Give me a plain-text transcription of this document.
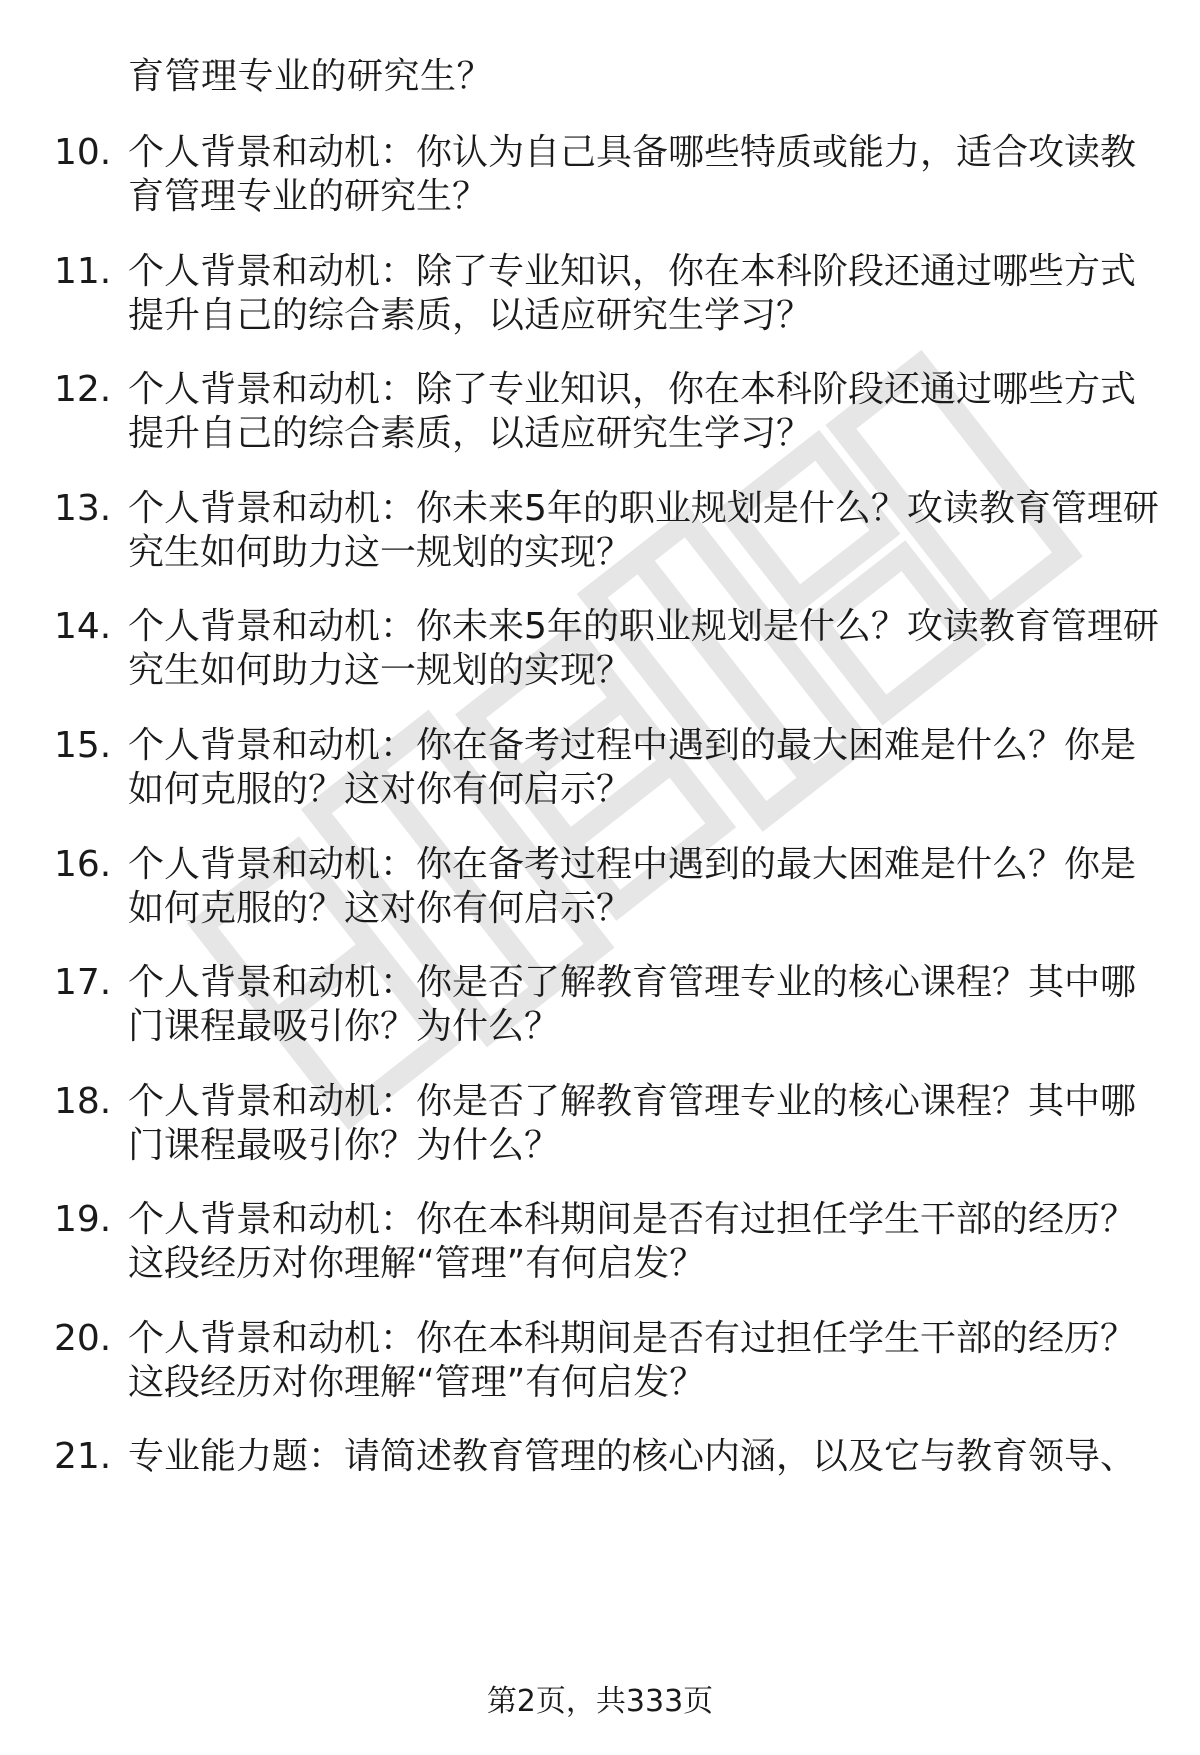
育管理专业的研究生？
10. 个人背景和动机：你认为自己具备哪些特质或能力，适合攻读教
育管理专业的研究生？
11. 个人背景和动机：除了专业知识，你在本科阶段还通过哪些方式
提升自己的综合素质，以适应研究生学习？
12. 个人背景和动机：除了专业知识，你在本科阶段还通过哪些方式
提升自己的综合素质，以适应研究生学习？
13. 个人背景和动机：你未来5年的职业规划是什么？攻读教育管理研
究生如何助力这一规划的实现？
14. 个人背景和动机：你未来5年的职业规划是什么？攻读教育管理研
究生如何助力这一规划的实现？
15. 个人背景和动机：你在备考过程中遇到的最大困难是什么？你是
如何克服的？这对你有何启示？
16. 个人背景和动机：你在备考过程中遇到的最大困难是什么？你是
如何克服的？这对你有何启示？
17. 个人背景和动机：你是否了解教育管理专业的核心课程？其中哪
门课程最吸引你？为什么？
18. 个人背景和动机：你是否了解教育管理专业的核心课程？其中哪
门课程最吸引你？为什么？
19. 个人背景和动机：你在本科期间是否有过担任学生干部的经历？
这段经历对你理解“管理”有何启发？
20. 个人背景和动机：你在本科期间是否有过担任学生干部的经历？
这段经历对你理解“管理”有何启发？
21. 专业能力题：请简述教育管理的核心内涵，以及它与教育领导、
第2页，共333页
